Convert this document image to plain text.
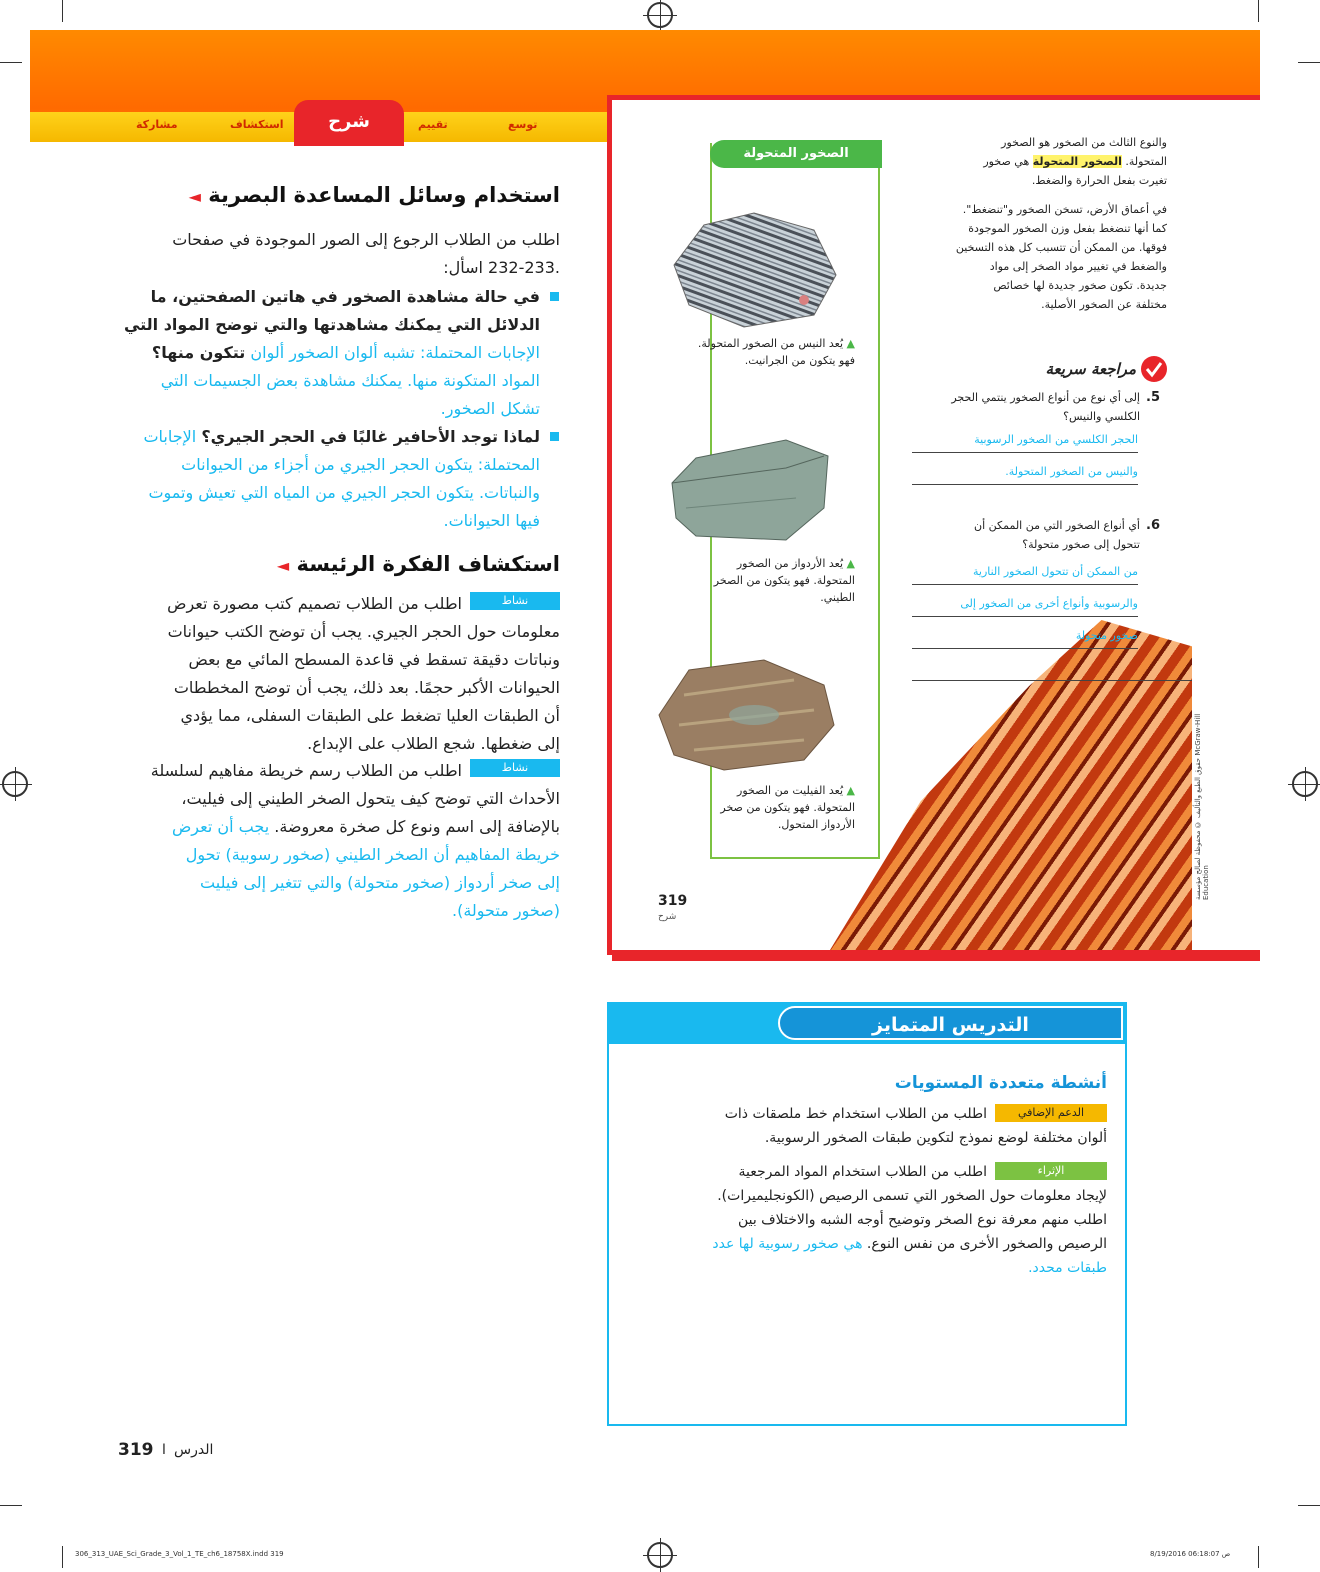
مشاركة	استكشاف	شرح	تقييم	توسع
حقوق الطبع والتأليف © محفوظة لصالح مؤسسة McGraw-Hill Education
الصخور المتحولة
▲ يُعد النيس من الصخور المتحولة.
فهو يتكون من الجرانيت.
▲ يُعد الأردواز من الصخور
المتحولة. فهو يتكون من الصخر
الطيني.
▲ يُعد الفيليت من الصخور
المتحولة. فهو يتكون من صخر
الأردواز المتحول.
والنوع الثالث من الصخور هو الصخور
المتحولة. الصخور المتحولة هي صخور
تغيرت بفعل الحرارة والضغط.
في أعماق الأرض، تسخن الصخور و"تنضغط".
كما أنها تنضغط بفعل وزن الصخور الموجودة
فوقها. من الممكن أن تتسبب كل هذه التسخين
والضغط في تغيير مواد الصخر إلى مواد
جديدة. تكون صخور جديدة لها خصائص
مختلفة عن الصخور الأصلية.
مراجعة سريعة
.5
إلى أي نوع من أنواع الصخور ينتمي الحجر
الكلسي والنيس؟
الحجر الكلسي من الصخور الرسوبية
والنيس من الصخور المتحولة.
.6
أي أنواع الصخور التي من الممكن أن
تتحول إلى صخور متحولة؟
من الممكن أن تتحول الصخور النارية
والرسوبية وأنواع أخرى من الصخور إلى
صخور متحولة
319
شرح
استخدام وسائل المساعدة البصرية ◄
اطلب من الطلاب الرجوع إلى الصور الموجودة في صفحات
.232-233 اسأل:
في حالة مشاهدة الصخور في هاتين الصفحتين، ما
الدلائل التي يمكنك مشاهدتها والتي توضح المواد التي
الإجابات المحتملة: تشبه ألوان الصخور ألوان تتكون منها؟
المواد المتكونة منها. يمكنك مشاهدة بعض الجسيمات التي
تشكل الصخور.
لماذا توجد الأحافير غالبًا في الحجر الجيري؟ الإجابات
المحتملة: يتكون الحجر الجيري من أجزاء من الحيوانات
والنباتات. يتكون الحجر الجيري من المياه التي تعيش وتموت
فيها الحيوانات.
استكشاف الفكرة الرئيسة ◄
نشاط
اطلب من الطلاب تصميم كتب مصورة تعرض
معلومات حول الحجر الجيري. يجب أن توضح الكتب حيوانات
ونباتات دقيقة تسقط في قاعدة المسطح المائي مع بعض
الحيوانات الأكبر حجمًا. بعد ذلك، يجب أن توضح المخططات
أن الطبقات العليا تضغط على الطبقات السفلى، مما يؤدي
إلى ضغطها. شجع الطلاب على الإبداع.
نشاط
اطلب من الطلاب رسم خريطة مفاهيم لسلسلة
الأحداث التي توضح كيف يتحول الصخر الطيني إلى فيليت،
بالإضافة إلى اسم ونوع كل صخرة معروضة. يجب أن تعرض
خريطة المفاهيم أن الصخر الطيني (صخور رسوبية) تحول
إلى صخر أردواز (صخور متحولة) والتي تتغير إلى فيليت
(صخور متحولة).
التدريس المتمايز
أنشطة متعددة المستويات
الدعم الإضافي
اطلب من الطلاب استخدام خط ملصقات ذات
ألوان مختلفة لوضع نموذج لتكوين طبقات الصخور الرسوبية.
الإثراء
اطلب من الطلاب استخدام المواد المرجعية
لإيجاد معلومات حول الصخور التي تسمى الرصيص (الكونجليميرات).
اطلب منهم معرفة نوع الصخر وتوضيح أوجه الشبه والاختلاف بين
الرصيص والصخور الأخرى من نفس النوع. هي صخور رسوبية لها عدد
طبقات محدد.
319 ا الدرس
306_313_UAE_Sci_Grade_3_Vol_1_TE_ch6_18758X.indd 319	8/19/2016 06:18:07 ص
